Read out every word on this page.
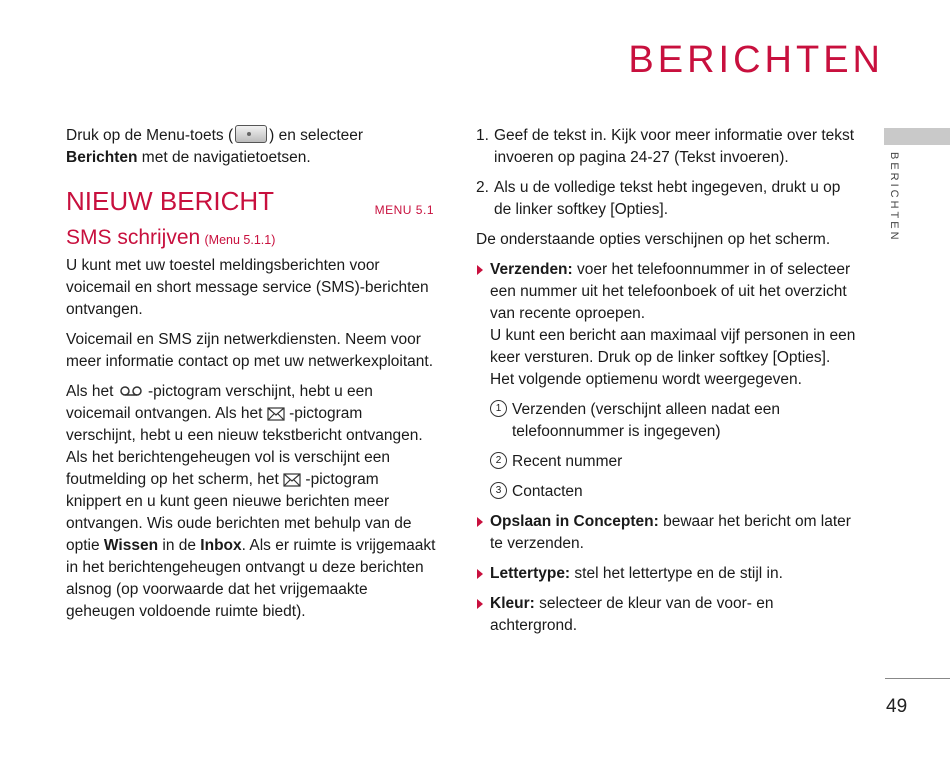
BERICHTEN
BERICHTEN
49

Druk op de Menu-toets ( ) en selecteer
Berichten met de navigatietoetsen.

NIEUW BERICHT	MENU 5.1
SMS schrijven (Menu 5.1.1)

U kunt met uw toestel meldingsberichten voor voicemail en short message service (SMS)-berichten ontvangen.

Voicemail en SMS zijn netwerkdiensten. Neem voor meer informatie contact op met uw netwerkexploitant.

Als het  -pictogram verschijnt, hebt u een voicemail ontvangen. Als het  -pictogram verschijnt, hebt u een nieuw tekstbericht ontvangen. Als het berichtengeheugen vol is verschijnt een foutmelding op het scherm, het  -pictogram knippert en u kunt geen nieuwe berichten meer ontvangen. Wis oude berichten met behulp van de optie Wissen in de Inbox. Als er ruimte is vrijgemaakt in het berichtengeheugen ontvangt u deze berichten alsnog (op voorwaarde dat het vrijgemaakte geheugen voldoende ruimte biedt).

1. Geef de tekst in. Kijk voor meer informatie over tekst invoeren op pagina 24-27 (Tekst invoeren).
2. Als u de volledige tekst hebt ingegeven, drukt u op de linker softkey [Opties].

De onderstaande opties verschijnen op het scherm.

Verzenden: voer het telefoonnummer in of selecteer een nummer uit het telefoonboek of uit het overzicht van recente oproepen.
U kunt een bericht aan maximaal vijf personen in een keer versturen. Druk op de linker softkey [Opties]. Het volgende optiemenu wordt weergegeven.
1 Verzenden (verschijnt alleen nadat een telefoonnummer is ingegeven)
2 Recent nummer
3 Contacten
Opslaan in Concepten: bewaar het bericht om later te verzenden.
Lettertype: stel het lettertype en de stijl in.
Kleur: selecteer de kleur van de voor- en achtergrond.
